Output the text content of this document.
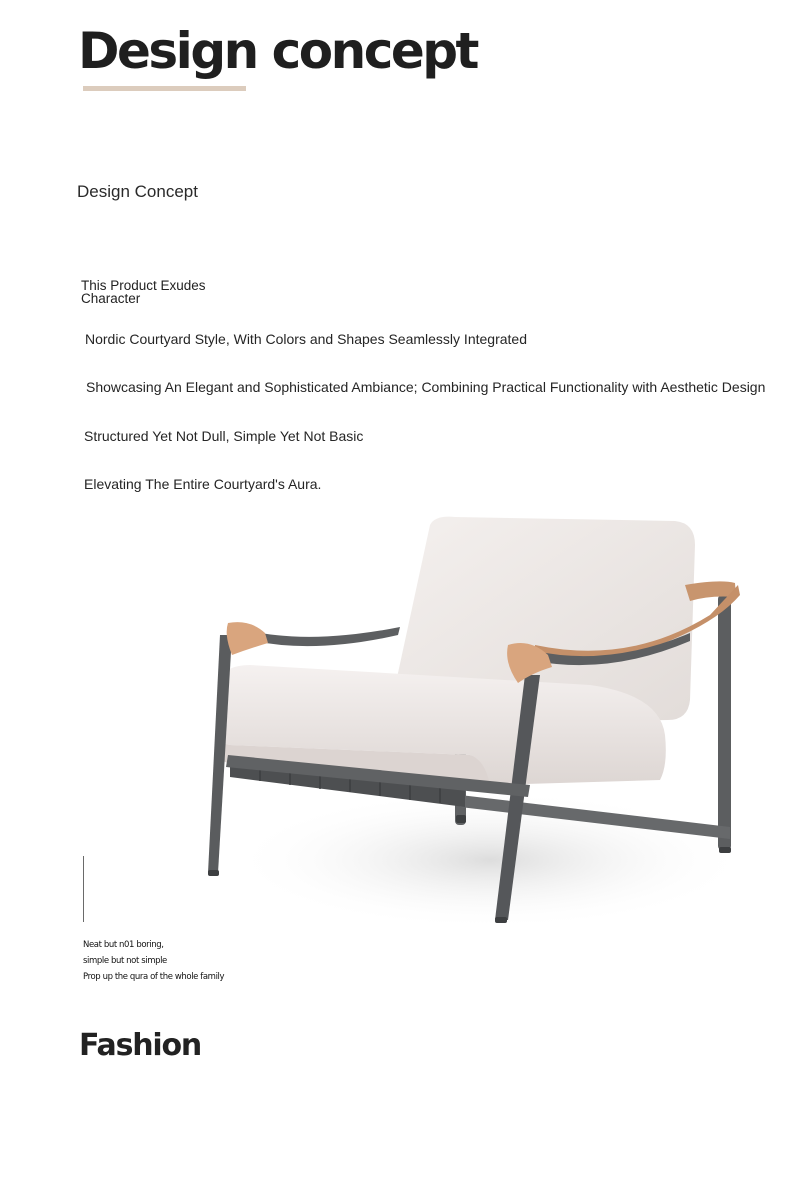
Design concept
Design Concept
This Product Exudes Character
Nordic Courtyard Style, With Colors and Shapes Seamlessly Integrated
Showcasing An Elegant and Sophisticated Ambiance; Combining Practical Functionality with Aesthetic Design
Structured Yet Not Dull, Simple Yet Not Basic
Elevating The Entire Courtyard's Aura.
Neat but n01 boring,
simple but not simple
Prop up the qura of the whole family
Fashion
